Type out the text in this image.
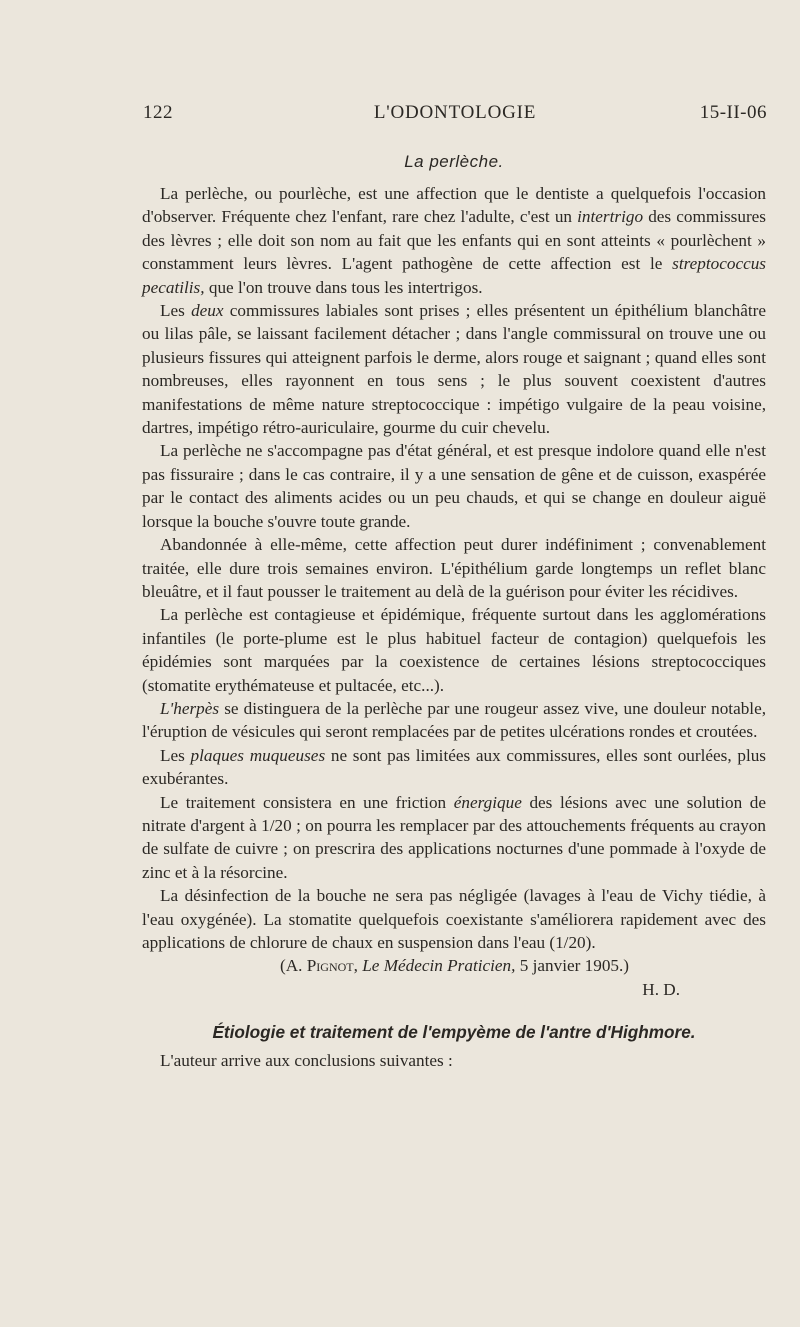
122	L'ODONTOLOGIE	15-II-06
La perlèche.

La perlèche, ou pourlèche, est une affection que le dentiste a quelquefois l'occasion d'observer. Fréquente chez l'enfant, rare chez l'adulte, c'est un intertrigo des commissures des lèvres ; elle doit son nom au fait que les enfants qui en sont atteints « pourlèchent » constamment leurs lèvres. L'agent pathogène de cette affection est le streptococcus pecatilis, que l'on trouve dans tous les intertrigos.

Les deux commissures labiales sont prises ; elles présentent un épithélium blanchâtre ou lilas pâle, se laissant facilement détacher ; dans l'angle commissural on trouve une ou plusieurs fissures qui atteignent parfois le derme, alors rouge et saignant ; quand elles sont nombreuses, elles rayonnent en tous sens ; le plus souvent coexistent d'autres manifestations de même nature streptococcique : impétigo vulgaire de la peau voisine, dartres, impétigo rétro-auriculaire, gourme du cuir chevelu.

La perlèche ne s'accompagne pas d'état général, et est presque indolore quand elle n'est pas fissuraire ; dans le cas contraire, il y a une sensation de gêne et de cuisson, exaspérée par le contact des aliments acides ou un peu chauds, et qui se change en douleur aiguë lorsque la bouche s'ouvre toute grande.

Abandonnée à elle-même, cette affection peut durer indéfiniment ; convenablement traitée, elle dure trois semaines environ. L'épithélium garde longtemps un reflet blanc bleuâtre, et il faut pousser le traitement au delà de la guérison pour éviter les récidives.

La perlèche est contagieuse et épidémique, fréquente surtout dans les agglomérations infantiles (le porte-plume est le plus habituel facteur de contagion) quelquefois les épidémies sont marquées par la coexistence de certaines lésions streptococciques (stomatite erythémateuse et pultacée, etc...).

L'herpès se distinguera de la perlèche par une rougeur assez vive, une douleur notable, l'éruption de vésicules qui seront remplacées par de petites ulcérations rondes et croutées.

Les plaques muqueuses ne sont pas limitées aux commissures, elles sont ourlées, plus exubérantes.

Le traitement consistera en une friction énergique des lésions avec une solution de nitrate d'argent à 1/20 ; on pourra les remplacer par des attouchements fréquents au crayon de sulfate de cuivre ; on prescrira des applications nocturnes d'une pommade à l'oxyde de zinc et à la résorcine.

La désinfection de la bouche ne sera pas négligée (lavages à l'eau de Vichy tiédie, à l'eau oxygénée). La stomatite quelquefois coexistante s'améliorera rapidement avec des applications de chlorure de chaux en suspension dans l'eau (1/20).

(A. Pignot, Le Médecin Praticien, 5 janvier 1905.)

H. D.

Étiologie et traitement de l'empyème de l'antre d'Highmore.

L'auteur arrive aux conclusions suivantes :
